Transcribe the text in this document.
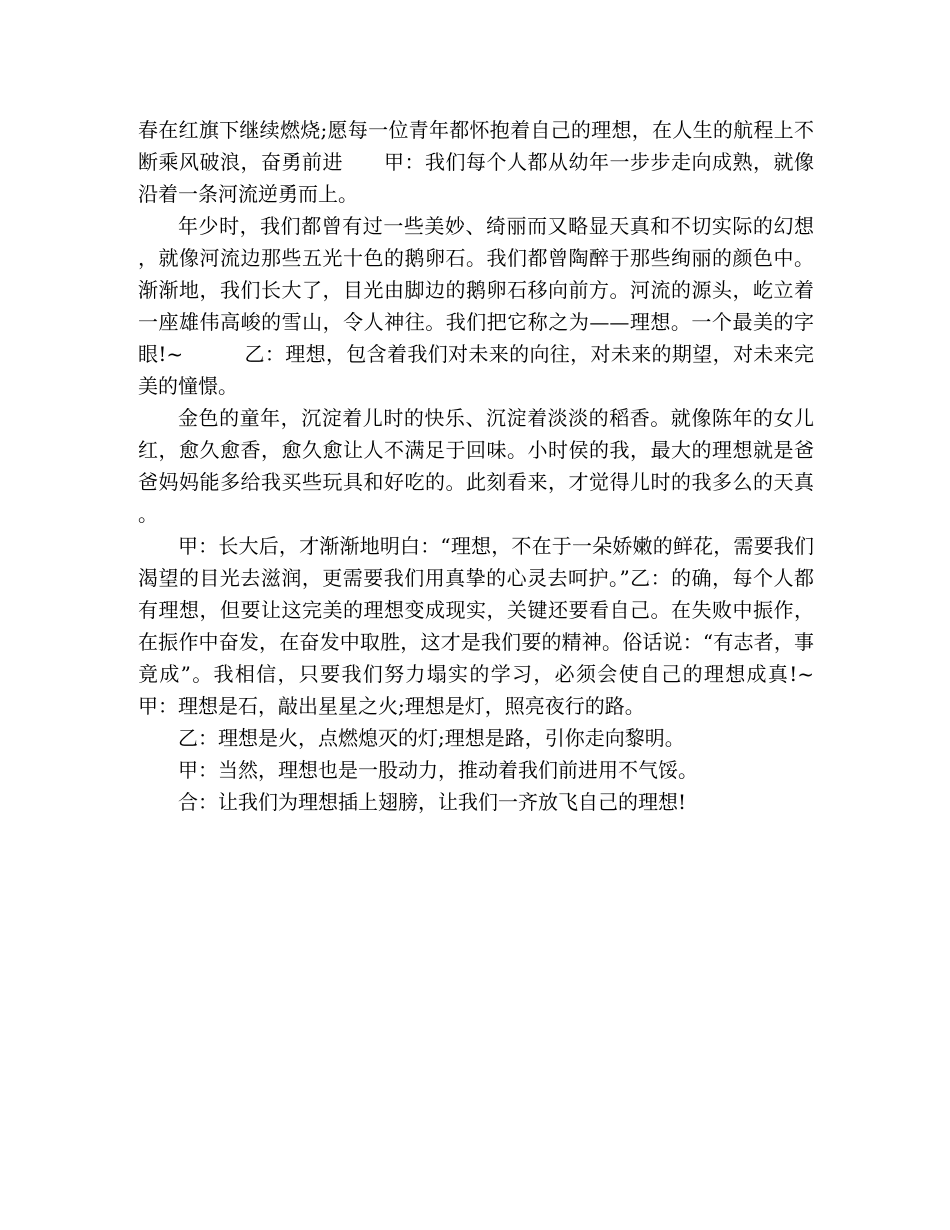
春在红旗下继续燃烧;愿每一位青年都怀抱着自己的理想，在人生的航程上不断乘风破浪，奋勇前进　　甲：我们每个人都从幼年一步步走向成熟，就像沿着一条河流逆勇而上。

年少时，我们都曾有过一些美妙、绮丽而又略显天真和不切实际的幻想，就像河流边那些五光十色的鹅卵石。我们都曾陶醉于那些绚丽的颜色中。渐渐地，我们长大了，目光由脚边的鹅卵石移向前方。河流的源头，屹立着一座雄伟高峻的雪山，令人神往。我们把它称之为——理想。一个最美的字眼!~　　　乙：理想，包含着我们对未来的向往，对未来的期望，对未来完美的憧憬。

金色的童年，沉淀着儿时的快乐、沉淀着淡淡的稻香。就像陈年的女儿红，愈久愈香，愈久愈让人不满足于回味。小时侯的我，最大的理想就是爸爸妈妈能多给我买些玩具和好吃的。此刻看来，才觉得儿时的我多么的天真。

甲：长大后，才渐渐地明白：“理想，不在于一朵娇嫩的鲜花，需要我们渴望的目光去滋润，更需要我们用真挚的心灵去呵护。”乙：的确，每个人都有理想，但要让这完美的理想变成现实，关键还要看自己。在失败中振作，在振作中奋发，在奋发中取胜，这才是我们要的精神。俗话说：“有志者，事竟成”。我相信，只要我们努力塌实的学习，必须会使自己的理想成真!~　　　甲：理想是石，敲出星星之火;理想是灯，照亮夜行的路。

乙：理想是火，点燃熄灭的灯;理想是路，引你走向黎明。

甲：当然，理想也是一股动力，推动着我们前进用不气馁。

合：让我们为理想插上翅膀，让我们一齐放飞自己的理想!
